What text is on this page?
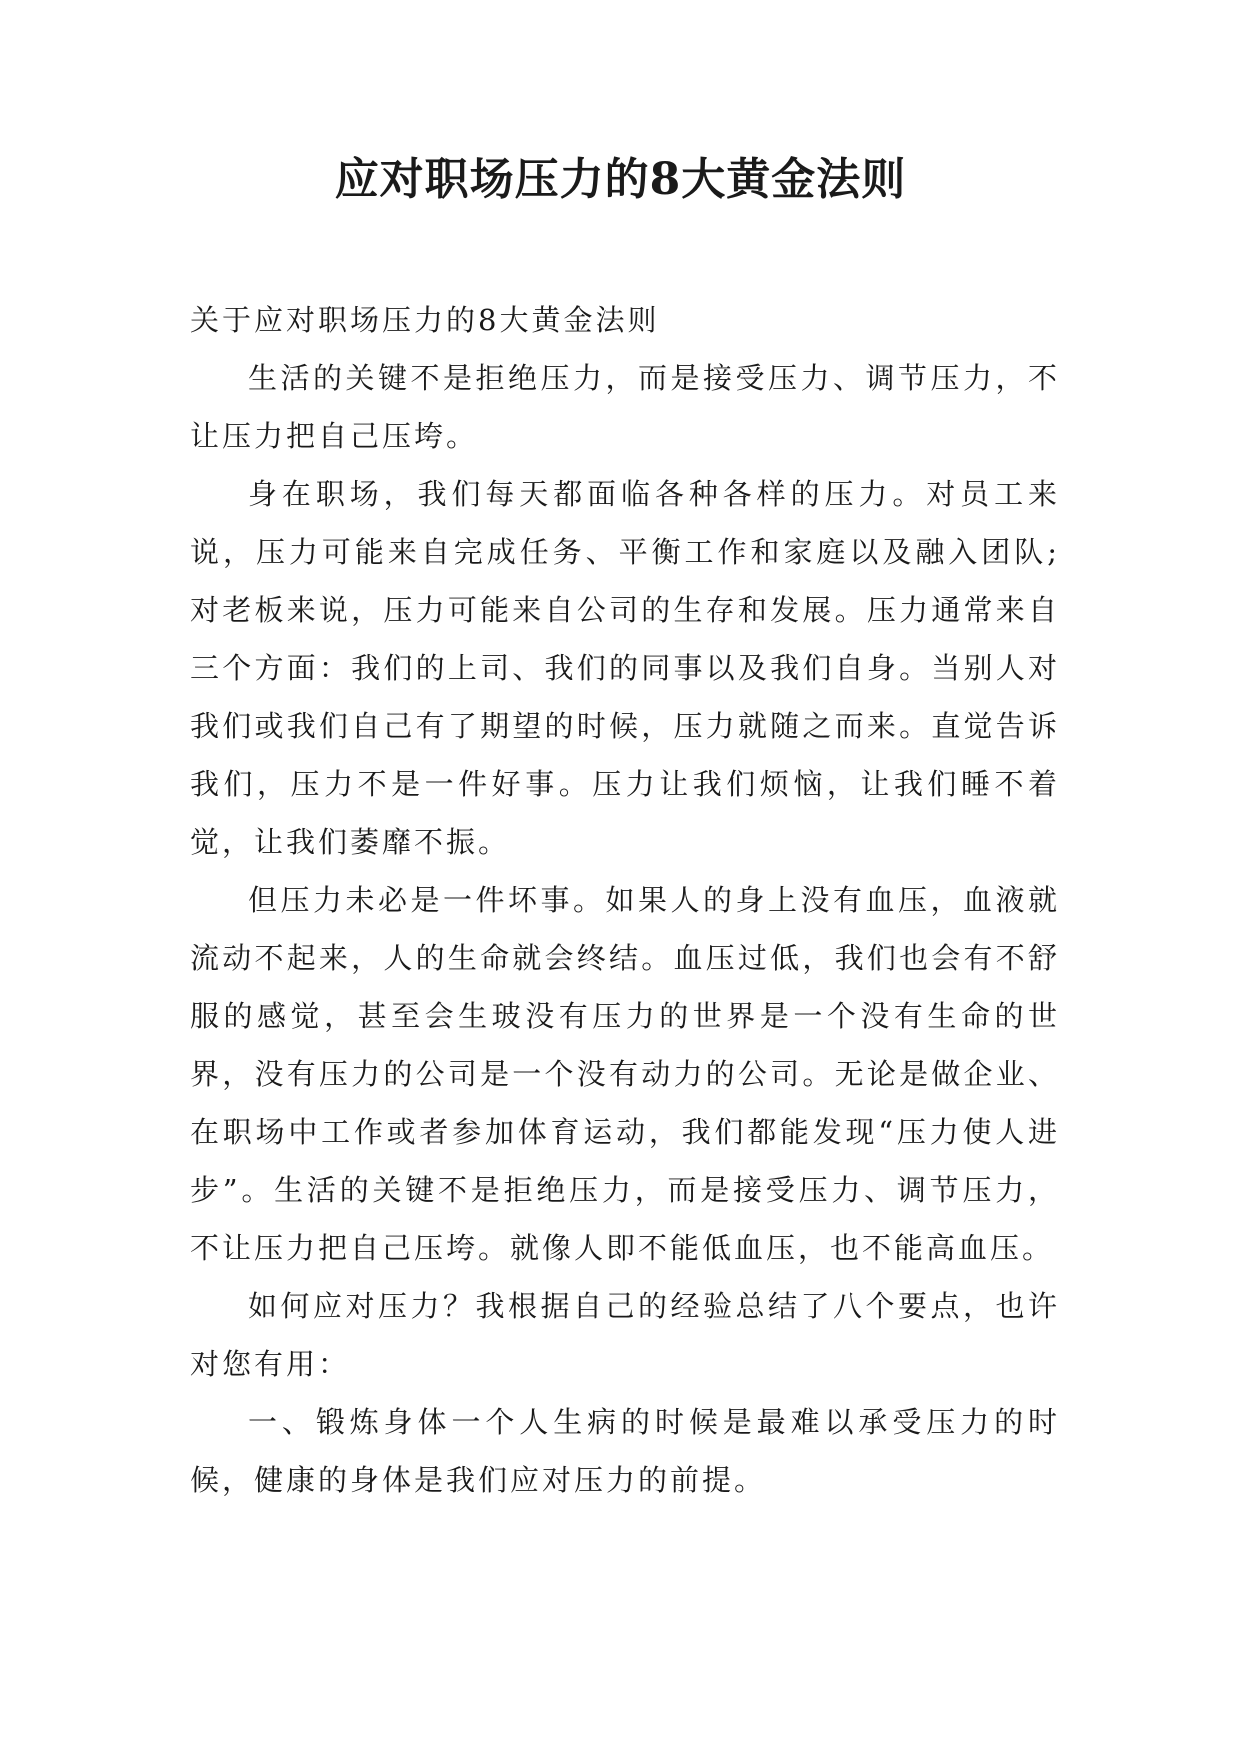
应对职场压力的8大黄金法则

关于应对职场压力的8大黄金法则

生活的关键不是拒绝压力，而是接受压力、调节压力，不让压力把自己压垮。

身在职场，我们每天都面临各种各样的压力。对员工来说，压力可能来自完成任务、平衡工作和家庭以及融入团队;对老板来说，压力可能来自公司的生存和发展。压力通常来自三个方面：我们的上司、我们的同事以及我们自身。当别人对我们或我们自己有了期望的时候，压力就随之而来。直觉告诉我们，压力不是一件好事。压力让我们烦恼，让我们睡不着觉，让我们萎靡不振。

但压力未必是一件坏事。如果人的身上没有血压，血液就流动不起来，人的生命就会终结。血压过低，我们也会有不舒服的感觉，甚至会生玻没有压力的世界是一个没有生命的世界，没有压力的公司是一个没有动力的公司。无论是做企业、在职场中工作或者参加体育运动，我们都能发现“压力使人进步”。生活的关键不是拒绝压力，而是接受压力、调节压力，不让压力把自己压垮。就像人即不能低血压，也不能高血压。

如何应对压力？我根据自己的经验总结了八个要点，也许对您有用：

一、锻炼身体一个人生病的时候是最难以承受压力的时候，健康的身体是我们应对压力的前提。
